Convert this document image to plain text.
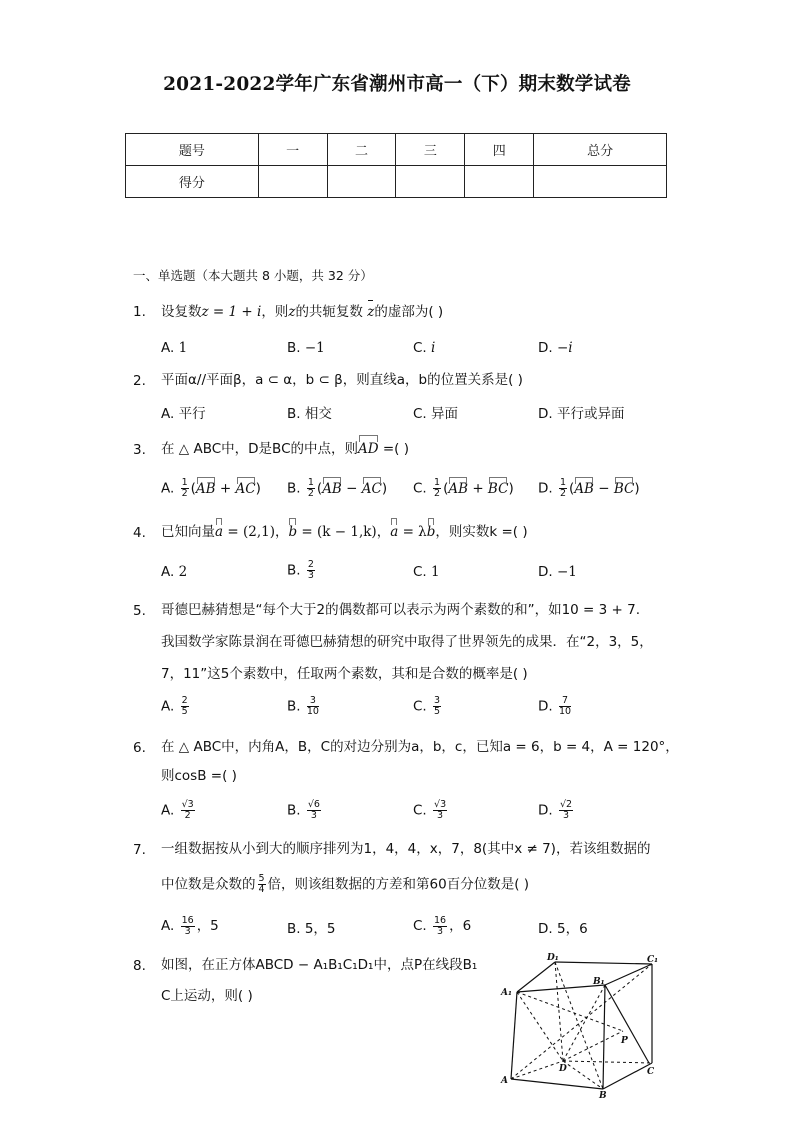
2021-2022学年广东省潮州市高一（下）期末数学试卷
题号	一	二	三	四	总分
得分					
一、单选题（本大题共 8 小题，共 32 分）
1. 设复数z = 1 + i，则z的共轭复数 z的虚部为( )
A. 1	B. −1	C. i	D. −i
2. 平面α//平面β，a ⊂ α，b ⊂ β，则直线a，b的位置关系是( )
A. 平行	B. 相交	C. 异面	D. 平行或异面
3. 在 △ ABC中，D是BC的中点，则AD =( )
A. $\frac{1}{2} (AB + AC)$ B. $\frac{1}{2} (AB - AC)$ C. $\frac{1}{2} (AB + BC)$ D. $\frac{1}{2} (AB - BC)$
4. 已知向量a = (2,1)，b = (k − 1,k)，a = λb，则实数k =( )
A. 2	B. $\frac{2}{3}$	C. 1	D. −1
5. 哥德巴赫猜想是“每个大于2的偶数都可以表示为两个素数的和”，如10 = 3 + 7.
我国数学家陈景润在哥德巴赫猜想的研究中取得了世界领先的成果．在“2，3，5，
7，11”这5个素数中，任取两个素数，其和是合数的概率是( )
A. $\frac{2}{5}$	B. $\frac{3}{10}$	C. $\frac{3}{5}$	D. $\frac{7}{10}$
6. 在 △ ABC中，内角A，B，C的对边分别为a，b，c，已知a = 6，b = 4，A = 120°，
则cosB =( )
A. $\frac{√3}{2}$	B. $\frac{√6}{3}$	C. $\frac{√3}{3}$	D. $\frac{√2}{3}$
7. 一组数据按从小到大的顺序排列为1，4，4，x，7，8(其中x ≠ 7)，若该组数据的
中位数是众数的 $\frac{5}{4}$ 倍，则该组数据的方差和第60百分位数是( )
A. $\frac{16}{3}$ ，5	B. 5，5	C. $\frac{16}{3}$ ，6	D. 5，6
8. 如图，在正方体ABCD − A₁B₁C₁D₁中，点P在线段B₁
C上运动，则( )
D₁	C₁
A₁
B₁
P
D	C
A
B
